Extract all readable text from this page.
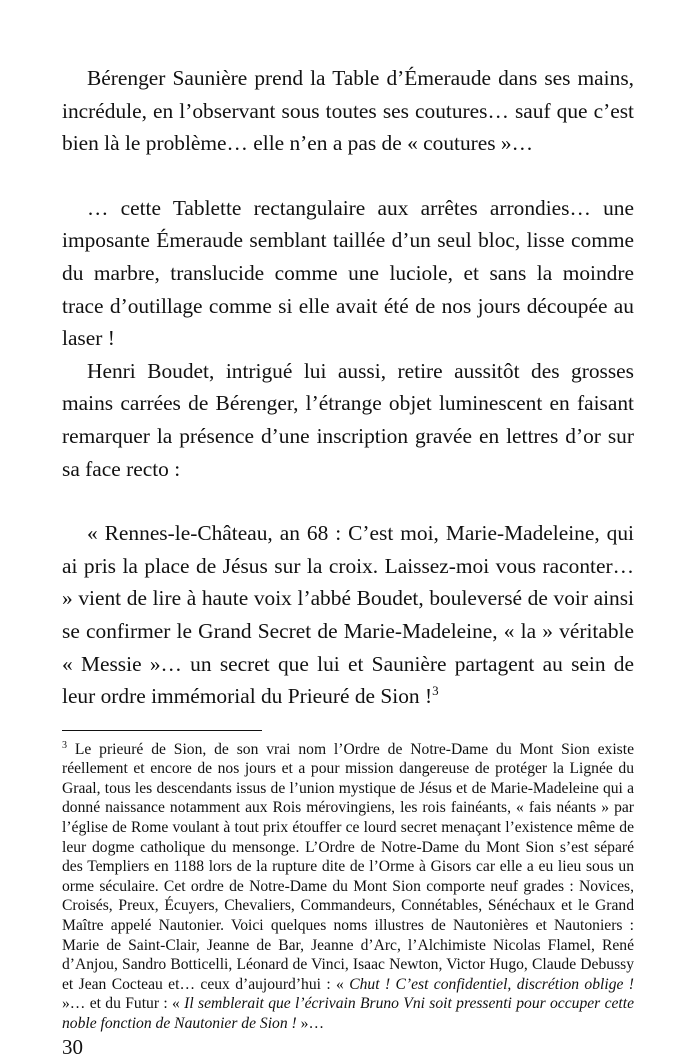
Bérenger Saunière prend la Table d’Émeraude dans ses mains, incrédule, en l’observant sous toutes ses coutures… sauf que c’est bien là le problème… elle n’en a pas de « coutures »…

… cette Tablette rectangulaire aux arrêtes arrondies… une imposante Émeraude semblant taillée d’un seul bloc, lisse comme du marbre, translucide comme une luciole, et sans la moindre trace d’outillage comme si elle avait été de nos jours découpée au laser !

Henri Boudet, intrigué lui aussi, retire aussitôt des grosses mains carrées de Bérenger, l’étrange objet luminescent en faisant remarquer la présence d’une inscription gravée en lettres d’or sur sa face recto :

« Rennes-le-Château, an 68 : C’est moi, Marie-Madeleine, qui ai pris la place de Jésus sur la croix. Laissez-moi vous raconter… » vient de lire à haute voix l’abbé Boudet, bouleversé de voir ainsi se confirmer le Grand Secret de Marie-Madeleine, « la » véritable « Messie »… un secret que lui et Saunière partagent au sein de leur ordre immémorial du Prieuré de Sion !$^3$

$^3$ Le prieuré de Sion, de son vrai nom l’Ordre de Notre-Dame du Mont Sion existe réellement et encore de nos jours et a pour mission dangereuse de protéger la Lignée du Graal, tous les descendants issus de l’union mystique de Jésus et de Marie-Madeleine qui a donné naissance notamment aux Rois mérovingiens, les rois fainéants, « fais néants » par l’église de Rome voulant à tout prix étouffer ce lourd secret menaçant l’existence même de leur dogme catholique du mensonge. L’Ordre de Notre-Dame du Mont Sion s’est séparé des Templiers en 1188 lors de la rupture dite de l’Orme à Gisors car elle a eu lieu sous un orme séculaire. Cet ordre de Notre-Dame du Mont Sion comporte neuf grades : Novices, Croisés, Preux, Écuyers, Chevaliers, Commandeurs, Connétables, Sénéchaux et le Grand Maître appelé Nautonier. Voici quelques noms illustres de Nautonières et Nautoniers : Marie de Saint-Clair, Jeanne de Bar, Jeanne d’Arc, l’Alchimiste Nicolas Flamel, René d’Anjou, Sandro Botticelli, Léonard de Vinci, Isaac Newton, Victor Hugo, Claude Debussy et Jean Cocteau et… ceux d’aujourd’hui : « Chut ! C’est confidentiel, discrétion oblige ! »… et du Futur : « Il semblerait que l’écrivain Bruno Vni soit pressenti pour occuper cette noble fonction de Nautonier de Sion ! »…

30
